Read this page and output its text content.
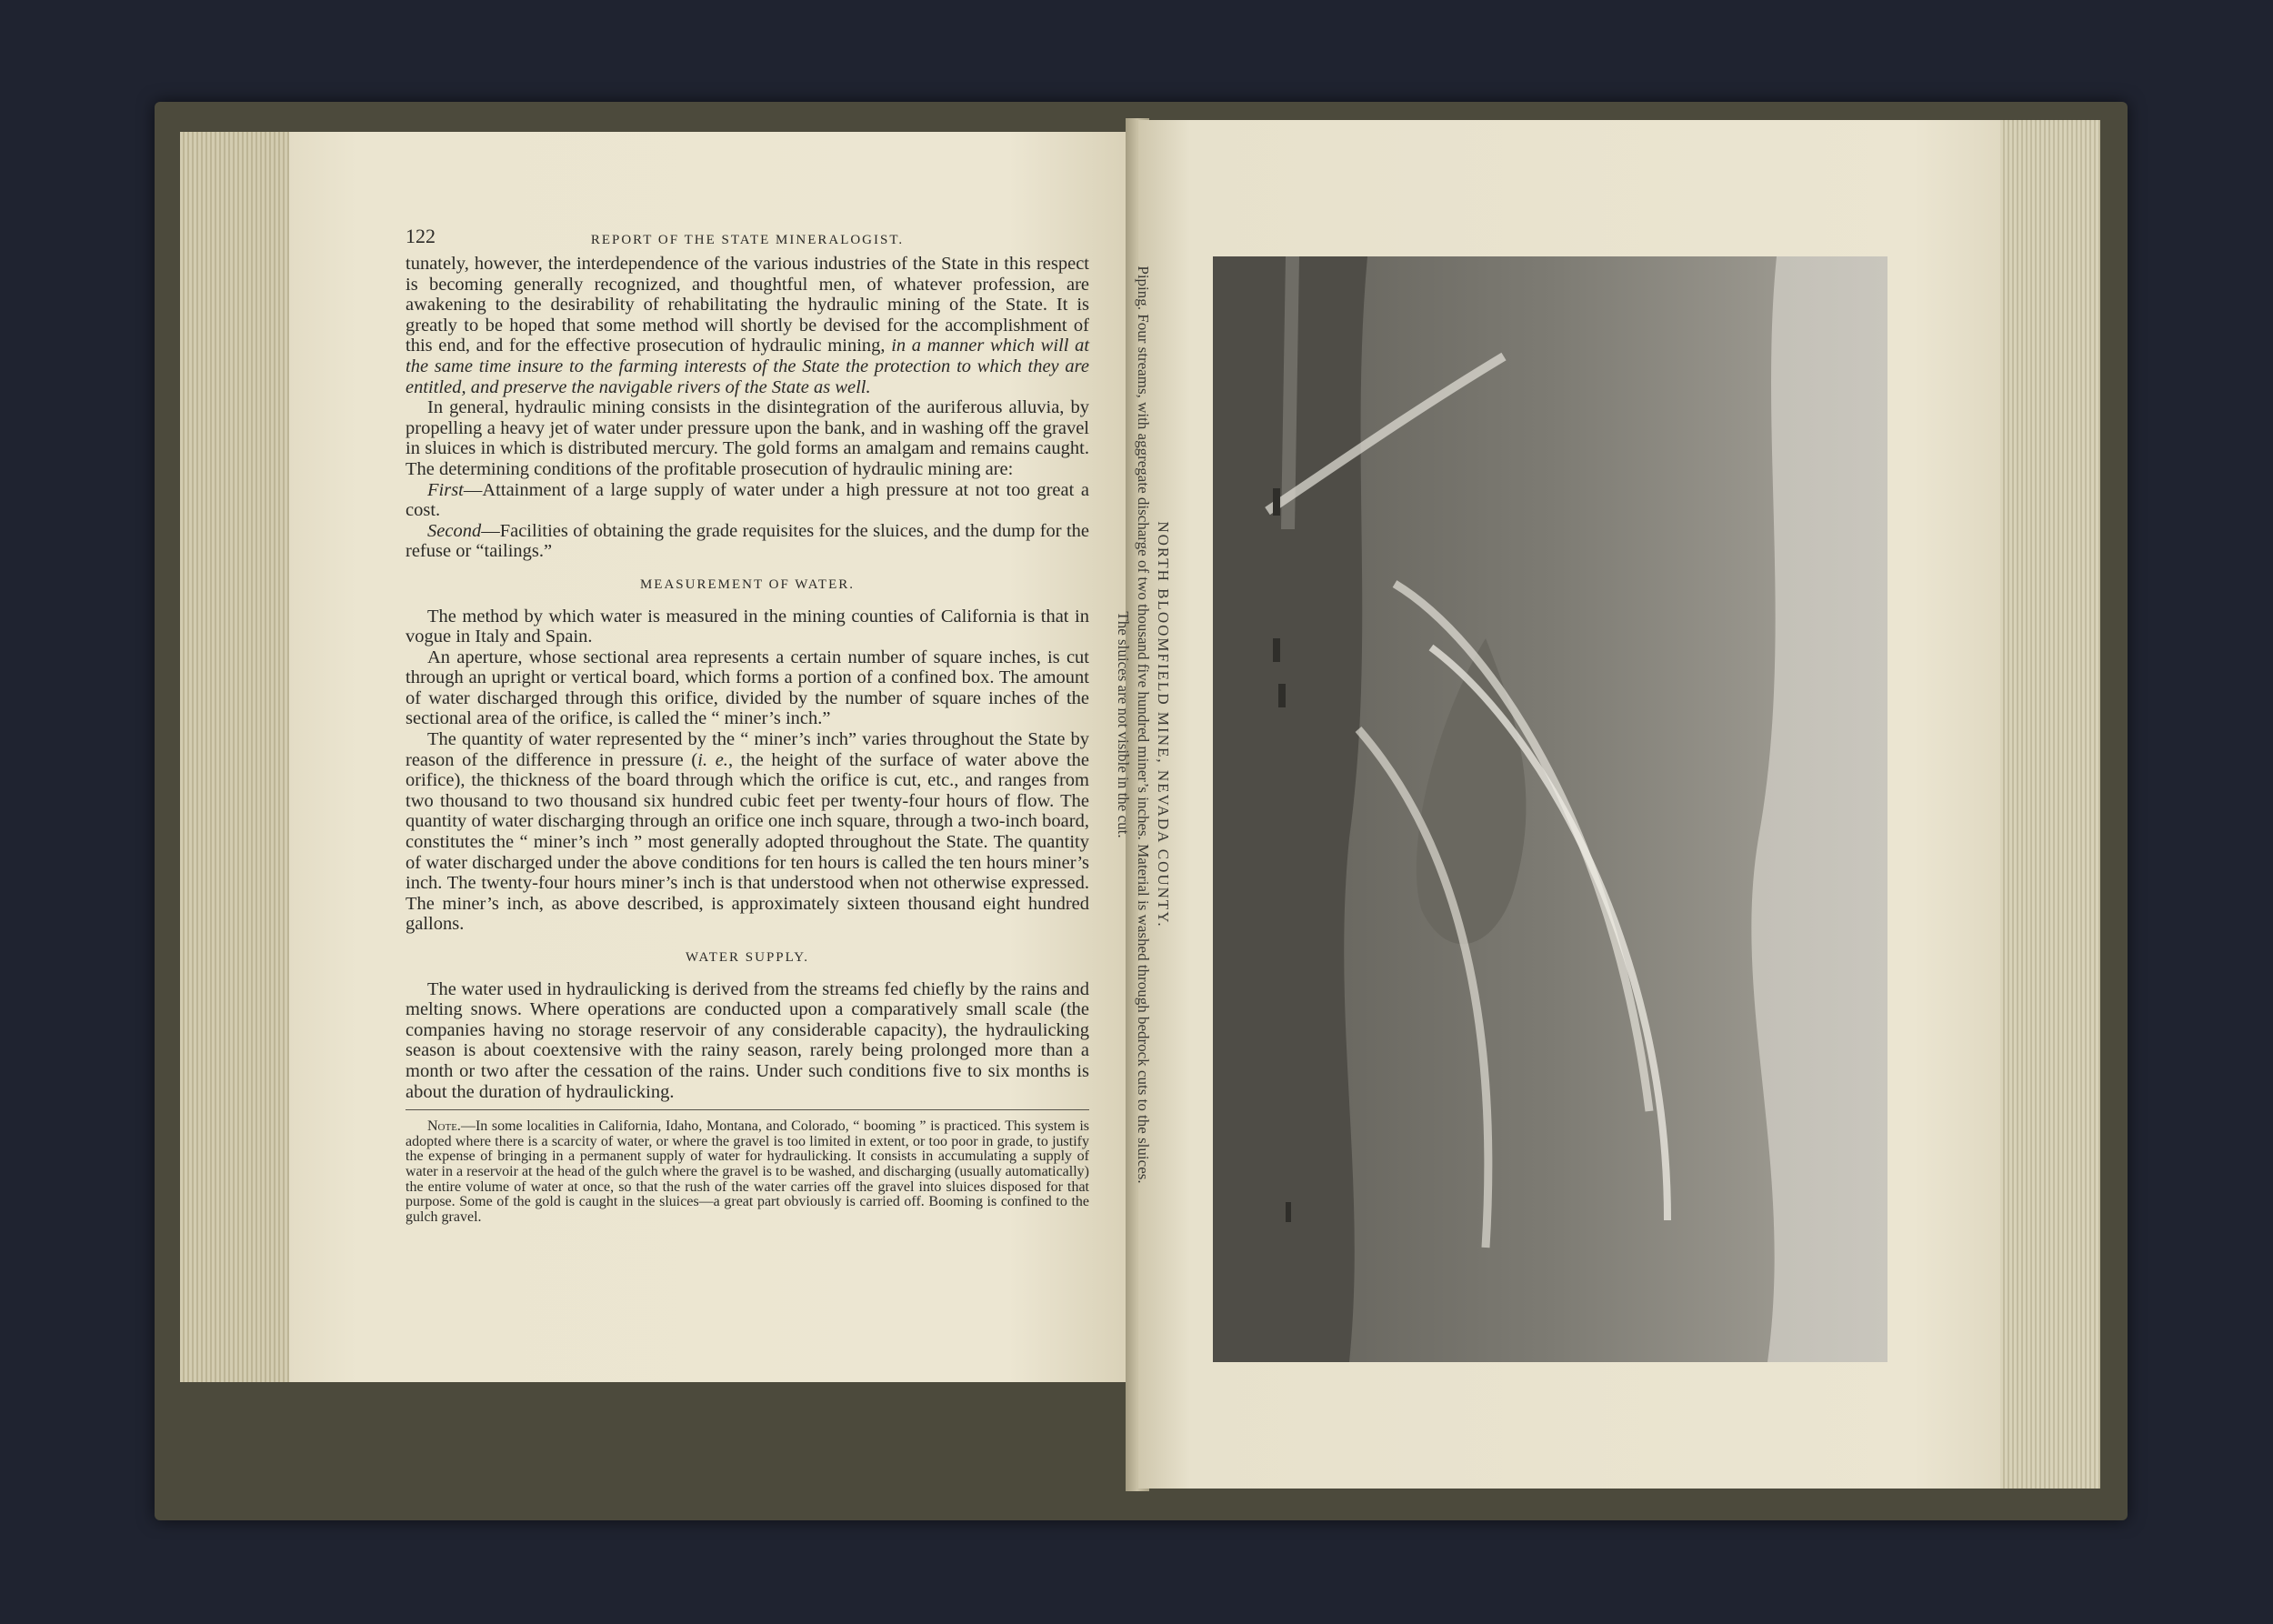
122	REPORT OF THE STATE MINERALOGIST.

tunately, however, the interdependence of the various industries of the State in this respect is becoming generally recognized, and thoughtful men, of whatever profession, are awakening to the desirability of rehabilitating the hydraulic mining of the State. It is greatly to be hoped that some method will shortly be devised for the accomplishment of this end, and for the effective prosecution of hydraulic mining, in a manner which will at the same time insure to the farming interests of the State the protection to which they are entitled, and preserve the navigable rivers of the State as well.

In general, hydraulic mining consists in the disintegration of the auriferous alluvia, by propelling a heavy jet of water under pressure upon the bank, and in washing off the gravel in sluices in which is distributed mercury. The gold forms an amalgam and remains caught. The determining conditions of the profitable prosecution of hydraulic mining are:

First—Attainment of a large supply of water under a high pressure at not too great a cost.

Second—Facilities of obtaining the grade requisites for the sluices, and the dump for the refuse or “tailings.”

MEASUREMENT OF WATER.

The method by which water is measured in the mining counties of California is that in vogue in Italy and Spain.

An aperture, whose sectional area represents a certain number of square inches, is cut through an upright or vertical board, which forms a portion of a confined box. The amount of water discharged through this orifice, divided by the number of square inches of the sectional area of the orifice, is called the “ miner’s inch.”

The quantity of water represented by the “ miner’s inch” varies throughout the State by reason of the difference in pressure (i. e., the height of the surface of water above the orifice), the thickness of the board through which the orifice is cut, etc., and ranges from two thousand to two thousand six hundred cubic feet per twenty-four hours of flow. The quantity of water discharging through an orifice one inch square, through a two-inch board, constitutes the “ miner’s inch ” most generally adopted throughout the State. The quantity of water discharged under the above conditions for ten hours is called the ten hours miner’s inch. The twenty-four hours miner’s inch is that understood when not otherwise expressed. The miner’s inch, as above described, is approximately sixteen thousand eight hundred gallons.

WATER SUPPLY.

The water used in hydraulicking is derived from the streams fed chiefly by the rains and melting snows. Where operations are conducted upon a comparatively small scale (the companies having no storage reservoir of any considerable capacity), the hydraulicking season is about coextensive with the rainy season, rarely being prolonged more than a month or two after the cessation of the rains. Under such conditions five to six months is about the duration of hydraulicking.

Note.—In some localities in California, Idaho, Montana, and Colorado, “ booming ” is practiced. This system is adopted where there is a scarcity of water, or where the gravel is too limited in extent, or too poor in grade, to justify the expense of bringing in a permanent supply of water for hydraulicking. It consists in accumulating a supply of water in a reservoir at the head of the gulch where the gravel is to be washed, and discharging (usually automatically) the entire volume of water at once, so that the rush of the water carries off the gravel into sluices disposed for that purpose. Some of the gold is caught in the sluices—a great part obviously is carried off. Booming is confined to the gulch gravel.

NORTH BLOOMFIELD MINE, NEVADA COUNTY.
Piping. Four streams, with aggregate discharge of two thousand five hundred miner’s inches. Material is washed through bedrock cuts to the sluices.
The sluices are not visible in the cut.
